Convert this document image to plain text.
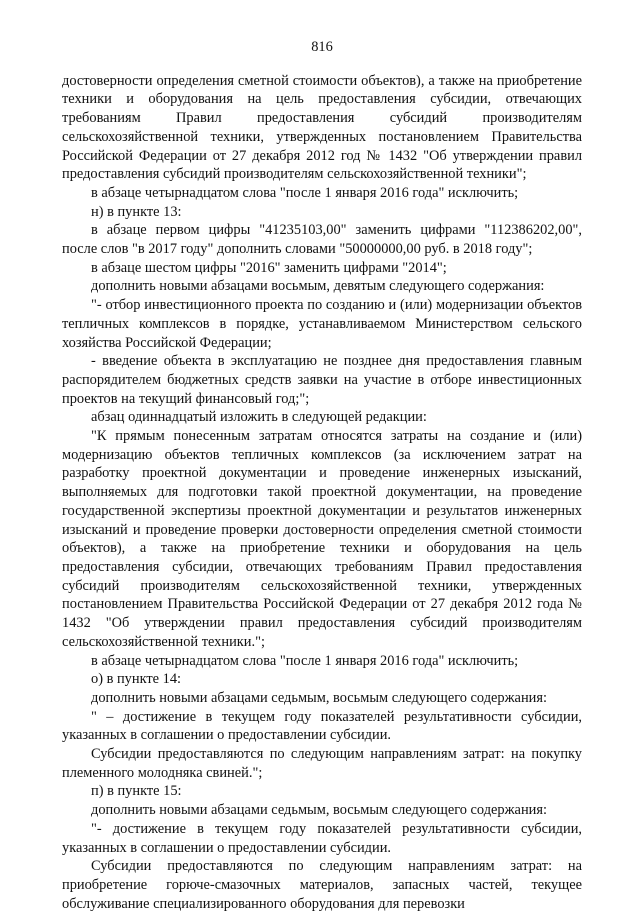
816

достоверности определения сметной стоимости объектов), а также на приобретение техники и оборудования на цель предоставления субсидии, отвечающих требованиям Правил предоставления субсидий производителям сельскохозяйственной техники, утвержденных постановлением Правительства Российской Федерации от 27 декабря 2012 год № 1432 "Об утверждении правил предоставления субсидий производителям сельскохозяйственной техники";

в абзаце четырнадцатом слова "после 1 января 2016 года" исключить;

н) в пункте 13:

в абзаце первом цифры "41235103,00" заменить цифрами "112386202,00", после слов "в 2017 году" дополнить словами "50000000,00 руб. в 2018 году";

в абзаце шестом цифры "2016" заменить цифрами "2014";

дополнить новыми абзацами восьмым, девятым следующего содержания:

"- отбор инвестиционного проекта по созданию и (или) модернизации объектов тепличных комплексов в порядке, устанавливаемом Министерством сельского хозяйства Российской Федерации;

- введение объекта в эксплуатацию не позднее дня предоставления главным распорядителем бюджетных средств заявки на участие в отборе инвестиционных проектов на текущий финансовый год;";

абзац одиннадцатый изложить в следующей редакции:

"К прямым понесенным затратам относятся затраты на создание и (или) модернизацию объектов тепличных комплексов (за исключением затрат на разработку проектной документации и проведение инженерных изысканий, выполняемых для подготовки такой проектной документации, на проведение государственной экспертизы проектной документации и результатов инженерных изысканий и проведение проверки достоверности определения сметной стоимости объектов), а также на приобретение техники и оборудования на цель предоставления субсидии, отвечающих требованиям Правил предоставления субсидий производителям сельскохозяйственной техники, утвержденных постановлением Правительства Российской Федерации от 27 декабря 2012 года № 1432 "Об утверждении правил предоставления субсидий производителям сельскохозяйственной техники.";

в абзаце четырнадцатом слова "после 1 января 2016 года" исключить;

о) в пункте 14:

дополнить новыми абзацами седьмым, восьмым следующего содержания:

" – достижение в текущем году показателей результативности субсидии, указанных в соглашении о предоставлении субсидии.

Субсидии предоставляются по следующим направлениям затрат: на покупку племенного молодняка свиней.";

п) в пункте 15:

дополнить новыми абзацами седьмым, восьмым следующего содержания:

"- достижение в текущем году показателей результативности субсидии, указанных в соглашении о предоставлении субсидии.

Субсидии предоставляются по следующим направлениям затрат: на приобретение горюче-смазочных материалов, запасных частей, текущее обслуживание специализированного оборудования для перевозки
